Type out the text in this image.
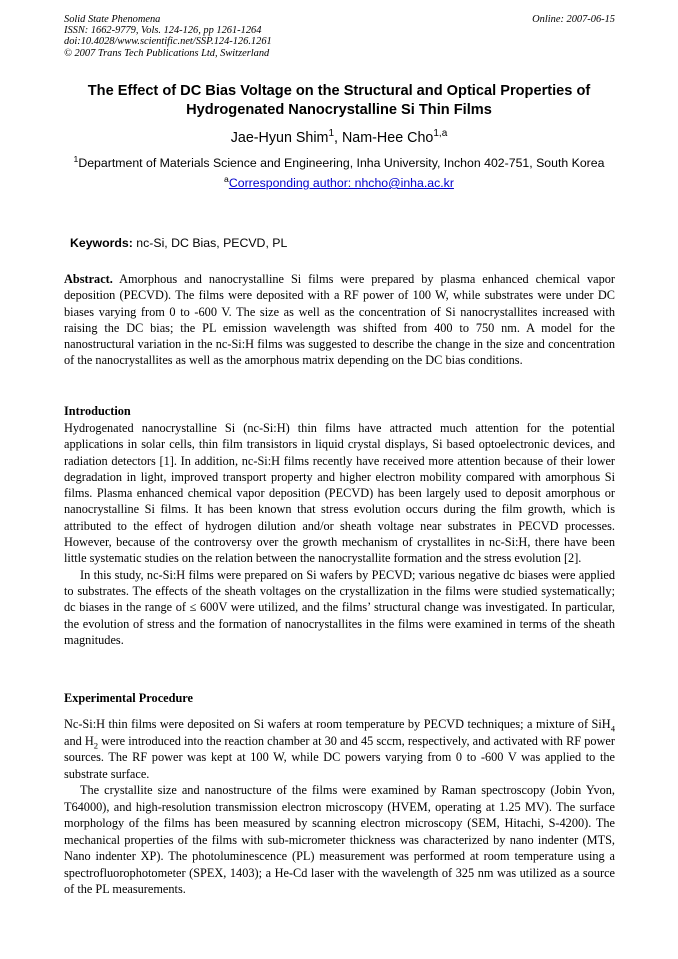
Solid State Phenomena
ISSN: 1662-9779, Vols. 124-126, pp 1261-1264
doi:10.4028/www.scientific.net/SSP.124-126.1261
© 2007 Trans Tech Publications Ltd, Switzerland
Online: 2007-06-15
The Effect of DC Bias Voltage on the Structural and Optical Properties of
Hydrogenated Nanocrystalline Si Thin Films
Jae-Hyun Shim$^1$, Nam-Hee Cho$^{1,a}$
$^1$Department of Materials Science and Engineering, Inha University, Inchon 402-751, South Korea
$^a$Corresponding author: nhcho@inha.ac.kr
Keywords: nc-Si, DC Bias, PECVD, PL

Abstract. Amorphous and nanocrystalline Si films were prepared by plasma enhanced chemical vapor deposition (PECVD). The films were deposited with a RF power of 100 W, while substrates were under DC biases varying from 0 to -600 V. The size as well as the concentration of Si nanocrystallites increased with raising the DC bias; the PL emission wavelength was shifted from 400 to 750 nm. A model for the nanostructural variation in the nc-Si:H films was suggested to describe the change in the size and concentration of the nanocrystallites as well as the amorphous matrix depending on the DC bias conditions.

Introduction

Hydrogenated nanocrystalline Si (nc-Si:H) thin films have attracted much attention for the potential applications in solar cells, thin film transistors in liquid crystal displays, Si based optoelectronic devices, and radiation detectors [1]. In addition, nc-Si:H films recently have received more attention because of their lower degradation in light, improved transport property and higher electron mobility compared with amorphous Si films. Plasma enhanced chemical vapor deposition (PECVD) has been largely used to deposit amorphous or nanocrystalline Si films. It has been known that stress evolution occurs during the film growth, which is attributed to the effect of hydrogen dilution and/or sheath voltage near substrates in PECVD processes. However, because of the controversy over the growth mechanism of crystallites in nc-Si:H, there have been little systematic studies on the relation between the nanocrystallite formation and the stress evolution [2].

In this study, nc-Si:H films were prepared on Si wafers by PECVD; various negative dc biases were applied to substrates. The effects of the sheath voltages on the crystallization in the films were studied systematically; dc biases in the range of ≤ 600V were utilized, and the films’ structural change was investigated. In particular, the evolution of stress and the formation of nanocrystallites in the films were examined in terms of the sheath magnitudes.

Experimental Procedure

Nc-Si:H thin films were deposited on Si wafers at room temperature by PECVD techniques; a mixture of SiH$_4$ and $H_2$ were introduced into the reaction chamber at 30 and 45 sccm, respectively, and activated with RF power sources. The RF power was kept at 100 W, while DC powers varying from 0 to -600 V was applied to the substrate surface.

The crystallite size and nanostructure of the films were examined by Raman spectroscopy (Jobin Yvon, T64000), and high-resolution transmission electron microscopy (HVEM, operating at 1.25 MV). The surface morphology of the films has been measured by scanning electron microscopy (SEM, Hitachi, S-4200). The mechanical properties of the films with sub-micrometer thickness was characterized by nano indenter (MTS, Nano indenter XP). The photoluminescence (PL) measurement was performed at room temperature using a spectrofluorophotometer (SPEX, 1403); a He-Cd laser with the wavelength of 325 nm was utilized as a source of the PL measurements.
